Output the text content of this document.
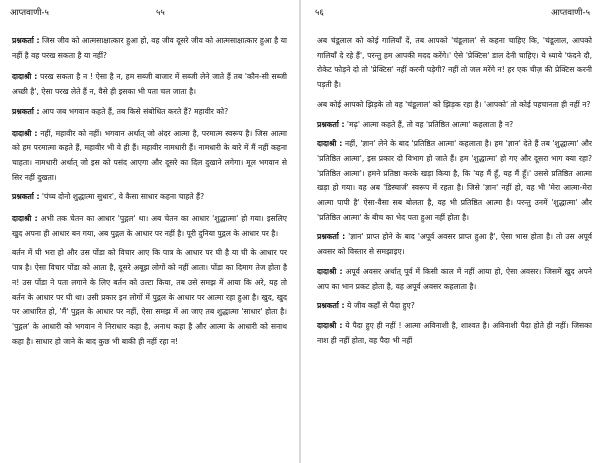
आप्तवाणी-५	५५

प्रश्नकर्ता : जिस जीव को आत्मसाक्षात्कार हुआ हो, वह जीव दूसरे जीव को आत्मसाक्षात्कार हुआ है या नहीं है वह परख सकता है या नहीं?

दादाश्री : परख सकता है न ! ऐसा है न, हम सब्जी बाजार में सब्जी लेने जाते हैं तब 'कौन-सी सब्जी अच्छी है', ऐसा परख लेते हैं न, वैसे ही इसका भी पता चल जाता है।

प्रश्नकर्ता : आप जब भगवान कहते हैं, तब किसे संबोधित करते हैं? महावीर को?

दादाश्री : नहीं, महावीर को नहीं। भगवान अर्थात् जो अंदर आत्मा है, परमात्म स्वरूप है। जिस आत्मा को हम परमात्मा कहते हैं, महावीर भी वे ही हैं। महावीर नामधारी हैं। नामधारी के बारे में मैं नहीं कहना चाहता। नामधारी अर्थात् जो इस को पसंद आएगा और दूसरे का दिल दुखाने लगेगा। मूल भगवान से सिर नहीं दुखता।

प्रश्नकर्ता : 'पंच्य दोनो शुद्धात्मा सुधार', वे कैसा साधार कहना चाहते हैं?

दादाश्री : अभी तक चेतन का आधार 'पुद्गल' था। अब चेतन का आधार 'शुद्धात्मा' हो गया। इसलिए खुद अपना ही आधार बन गया, अब पुद्गल के आधार पर नहीं है। पूरी दुनिया पुद्गल के आधार पर है।

बर्तन में घी भरा हो और उस पोंडा को विचार आए कि पात्र के आधार पर घी है या घी के आधार पर पात्र है। ऐसा विचार पोंडा को आता है, दूसरे अबूझ लोगों को नहीं आता। पोंडा का दिमाग तेज होता है न! उस पोंडा ने पता लगाने के लिए बर्तन को उल्टा किया, तब उसे समझ में आया कि अरे, यह तो बर्तन के आधार पर घी था। उसी प्रकार इन लोगों में पुद्गल के आधार पर आत्मा रहा हुआ है। खुद, खुद पर आधारित हो, 'मैं' पुद्गल के आधार पर नहीं, ऐसा समझ में आ जाए तब शुद्धात्मा 'साधार' होता है। 'पुद्गल' के आधारी को भगवान ने निराधार कहा है, अनाथ कहा है और आत्मा के आधारी को सनाथ कहा है। साधार हो जाने के बाद कुछ भी बाकी ही नहीं रहा न!

५६	आप्तवाणी-५

अब चंडूलाल को कोई गालियाँ दें, तब आपको 'चंडूलाल' से कहना चाहिए कि, 'चंडूलाल, आपको गालियाँ दे रहे हैं', परन्तु हम आपकी मदद करेंगे।' ऐसे 'प्रेक्टिस' डाल देनी चाहिए। ये ध्याये 'फंदने दौ, रोकेट फोड़ने दो तो 'प्रेक्टिस' नहीं करनी पड़ेगी? नहीं तो जल मरेंगे न! हर एक चीज़ की प्रेक्टिस करनी पड़ती है।

अब कोई आपको झिड़के तो वह 'चंडूलाल' को झिड़क रहा है। 'आपको' तो कोई पहचानता ही नहीं न?

प्रश्नकर्ता : 'मढ़' आत्मा कहते हैं, तो वह 'प्रतिष्ठित आत्मा' कहलाता है न?

दादाश्री : नहीं, 'ज्ञान' लेने के बाद 'प्रतिष्ठित आत्मा' कहलाता है। हम 'ज्ञान' देते हैं तब 'शुद्धात्मा' और 'प्रतिष्ठित आत्मा', इस प्रकार दो विभाग हो जाते हैं। हम 'शुद्धात्मा' हो गए और दूसरा भाग क्या रहा? 'प्रतिष्ठित आत्मा'। हमने प्रतिष्ठा करके खड़ा किया है, कि 'यह मैं हूँ, यह मैं हूँ।' उससे प्रतिष्ठित आत्मा खड़ा हो गया। वह अब 'डिस्चार्ज' स्वरूप में रहता है। जिसे 'ज्ञान' नहीं हो, वह भी 'मेरा आत्मा-मेरा आत्मा पापी है' ऐसा-वैसा सब बोलता है, वह भी प्रतिष्ठित आत्मा है। परन्तु उनमें 'शुद्धात्मा' और 'प्रतिष्ठित आत्मा' के बीच का भेद पता हुआ नहीं होता है।

प्रश्नकर्ता : 'ज्ञान' प्राप्त होने के बाद 'अपूर्व अवसर प्राप्त हुआ है', ऐसा भास होता है। तो उस अपूर्व अवसर को विस्तार से समझाइए।

दादाश्री : अपूर्व अवसर अर्थात् पूर्व में किसी काल में नहीं आया हो, ऐसा अवसर। जिसमें खुद अपने आप का भान प्रकट होता है, वह अपूर्व अवसर कहलाता है।

प्रश्नकर्ता : ये जीव कहाँ से पैदा हुए?

दादाश्री : ये पैदा हुए ही नहीं ! आत्मा अविनाशी है, शाश्वत है। अविनाशी पैदा होते ही नहीं। जिसका नाश ही नहीं होता, वह पैदा भी नहीं
